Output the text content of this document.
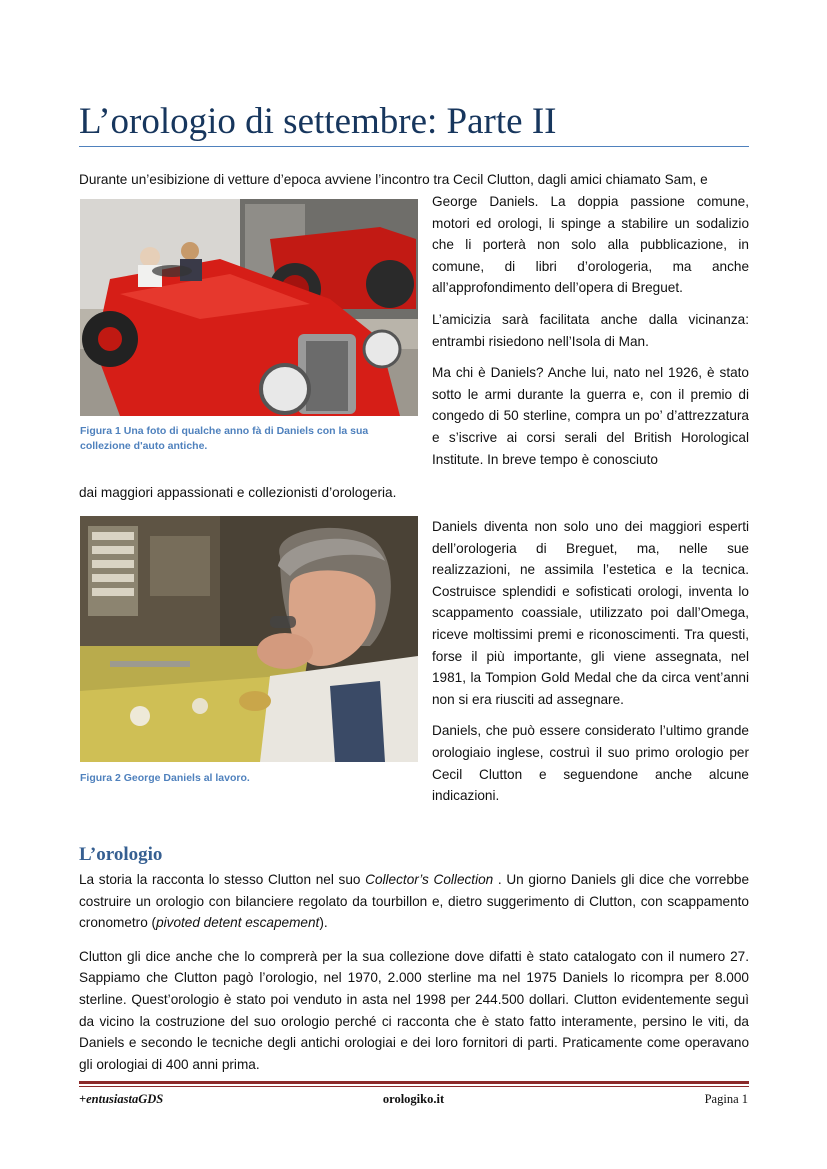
L’orologio di settembre: Parte II
Durante un’esibizione di vetture d’epoca avviene l’incontro tra Cecil Clutton, dagli amici chiamato Sam, e
Figura 1 Una foto di qualche anno fà di Daniels con la sua collezione d'auto antiche.

George Daniels. La doppia passione comune, motori ed orologi, li spinge a stabilire un sodalizio che li porterà non solo alla pubblicazione, in comune, di libri d’orologeria, ma anche all’approfondimento dell’opera di Breguet.

L’amicizia sarà facilitata anche dalla vicinanza: entrambi risiedono nell’Isola di Man.

Ma chi è Daniels? Anche lui, nato nel 1926, è stato sotto le armi durante la guerra e, con il premio di congedo di 50 sterline, compra un po’ d’attrezzatura e s’iscrive ai corsi serali del British Horological Institute. In breve tempo è conosciuto

dai maggiori appassionati e collezionisti d’orologeria.
Figura 2 George Daniels al lavoro.

Daniels diventa non solo uno dei maggiori esperti dell’orologeria di Breguet, ma, nelle sue realizzazioni, ne assimila l’estetica e la tecnica. Costruisce splendidi e sofisticati orologi, inventa lo scappamento coassiale, utilizzato poi dall’Omega, riceve moltissimi premi e riconoscimenti. Tra questi, forse il più importante, gli viene assegnata, nel 1981, la Tompion Gold Medal che da circa vent’anni non si era riusciti ad assegnare.

Daniels, che può essere considerato l’ultimo grande orologiaio inglese, costruì il suo primo orologio per Cecil Clutton e seguendone anche alcune indicazioni.

L’orologio

La storia la racconta lo stesso Clutton nel suo Collector’s Collection . Un giorno Daniels gli dice che vorrebbe costruire un orologio con bilanciere regolato da tourbillon e, dietro suggerimento di Clutton, con scappamento cronometro (pivoted detent escapement).

Clutton gli dice anche che lo comprerà per la sua collezione dove difatti è stato catalogato con il numero 27. Sappiamo che Clutton pagò l’orologio, nel 1970, 2.000 sterline ma nel 1975 Daniels lo ricompra per 8.000 sterline. Quest’orologio è stato poi venduto in asta nel 1998 per 244.500 dollari. Clutton evidentemente seguì da vicino la costruzione del suo orologio perché ci racconta che è stato fatto interamente, persino le viti, da Daniels e secondo le tecniche degli antichi orologiai e dei loro fornitori di parti. Praticamente come operavano gli orologiai di 400 anni prima.

+entusiastaGDS	orologiko.it	Pagina 1
